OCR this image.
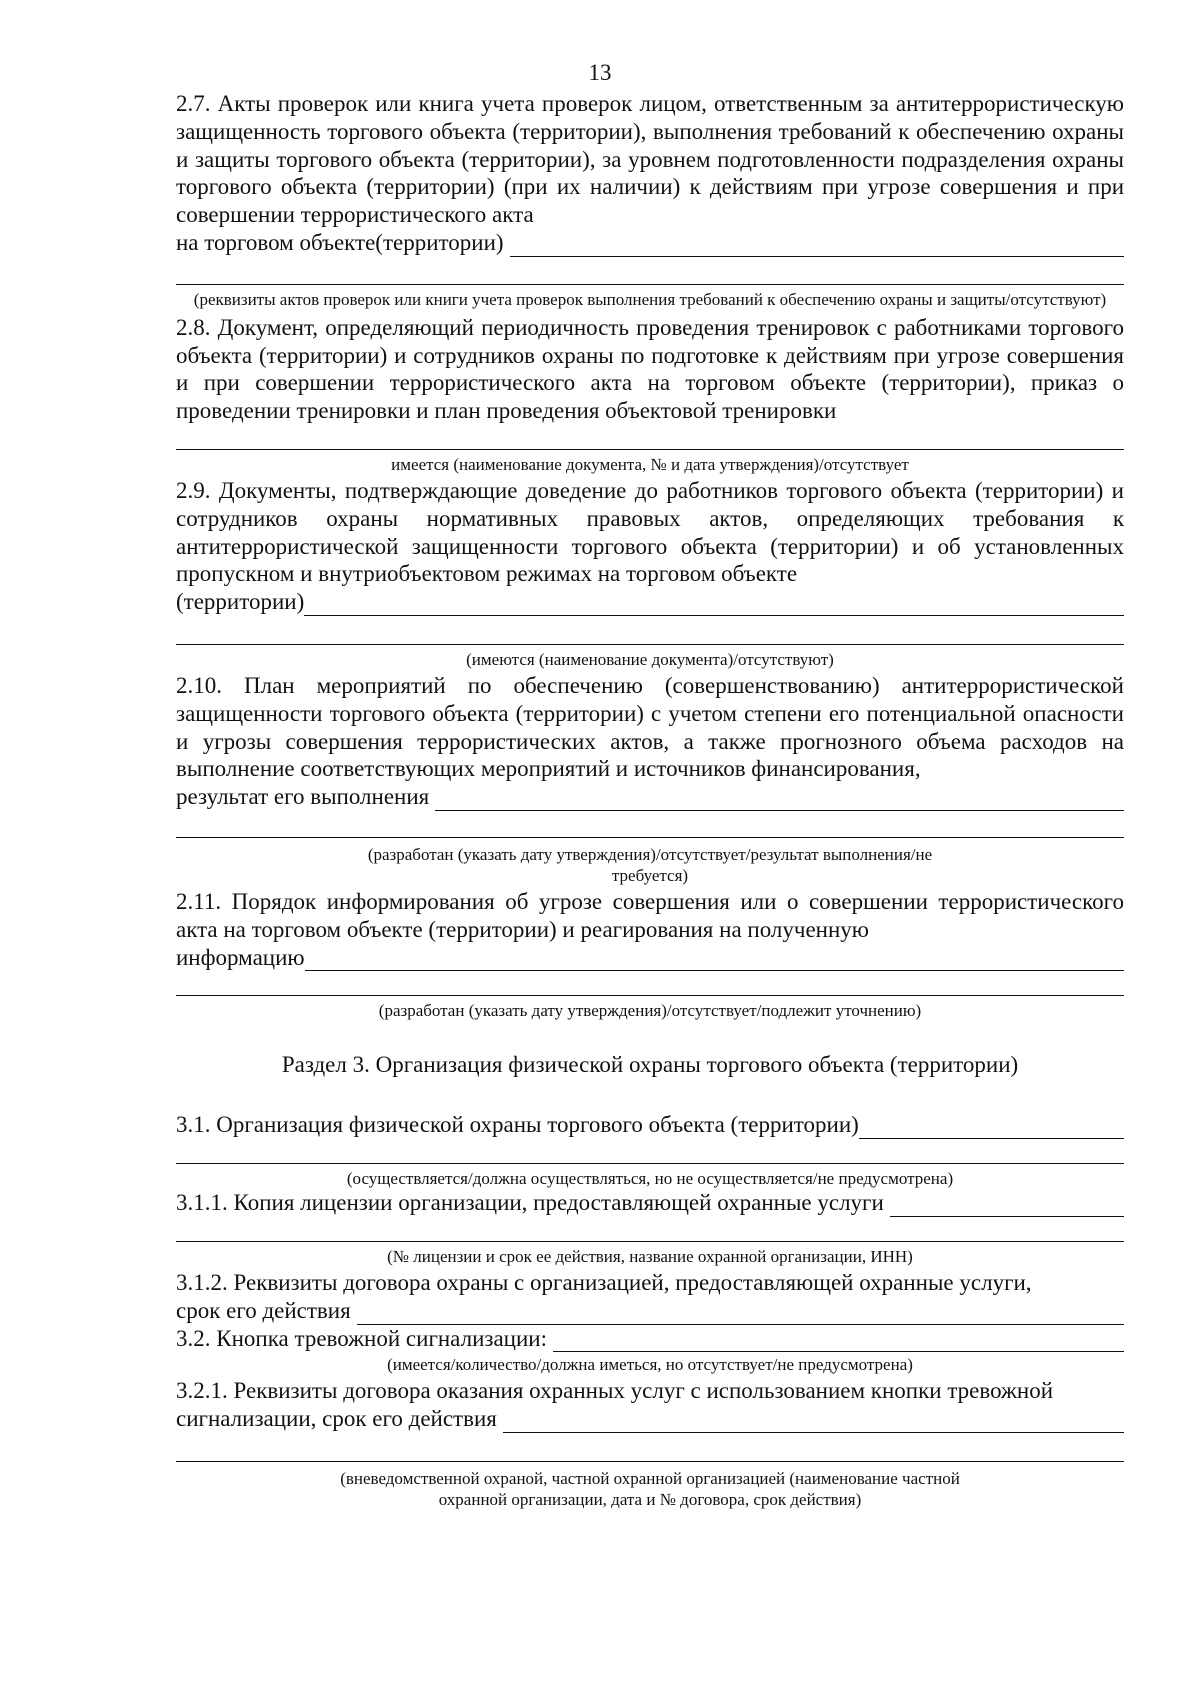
13
2.7. Акты проверок или книга учета проверок лицом, ответственным за антитеррористическую защищенность торгового объекта (территории), выполнения требований к обеспечению охраны и защиты торгового объекта (территории), за уровнем подготовленности подразделения охраны торгового объекта (территории) (при их наличии) к действиям при угрозе совершения и при совершении террористического акта
на торговом объекте(территории)
(реквизиты актов проверок или книги учета проверок выполнения требований к обеспечению охраны и защиты/отсутствуют)
2.8. Документ, определяющий периодичность проведения тренировок с работниками торгового объекта (территории) и сотрудников охраны по подготовке к действиям при угрозе совершения и при совершении террористического акта на торговом объекте (территории), приказ о проведении тренировки и план проведения объектовой тренировки
имеется (наименование документа, № и дата утверждения)/отсутствует
2.9. Документы, подтверждающие доведение до работников торгового объекта (территории) и сотрудников охраны нормативных правовых актов, определяющих требования к антитеррористической защищенности торгового объекта (территории) и об установленных пропускном и внутриобъектовом режимах на торговом объекте
(территории)
(имеются (наименование документа)/отсутствуют)
2.10. План мероприятий по обеспечению (совершенствованию) антитеррористической защищенности торгового объекта (территории) с учетом степени его потенциальной опасности и угрозы совершения террористических актов, а также прогнозного объема расходов на выполнение соответствующих мероприятий и источников финансирования,
результат его выполнения
(разработан (указать дату утверждения)/отсутствует/результат выполнения/не требуется)
2.11. Порядок информирования об угрозе совершения или о совершении террористического акта на торговом объекте (территории) и реагирования на полученную
информацию
(разработан (указать дату утверждения)/отсутствует/подлежит уточнению)
Раздел 3. Организация физической охраны торгового объекта (территории)
3.1. Организация физической охраны торгового объекта (территории)
(осуществляется/должна осуществляться, но не осуществляется/не предусмотрена)
3.1.1. Копия лицензии организации, предоставляющей охранные услуги
(№ лицензии и срок ее действия, название охранной организации, ИНН)
3.1.2. Реквизиты договора охраны с организацией, предоставляющей охранные услуги,
срок его действия
3.2. Кнопка тревожной сигнализации:
(имеется/количество/должна иметься, но отсутствует/не предусмотрена)
3.2.1. Реквизиты договора оказания охранных услуг с использованием кнопки тревожной
сигнализации, срок его действия
(вневедомственной охраной, частной охранной организацией (наименование частной охранной организации, дата и № договора, срок действия)
